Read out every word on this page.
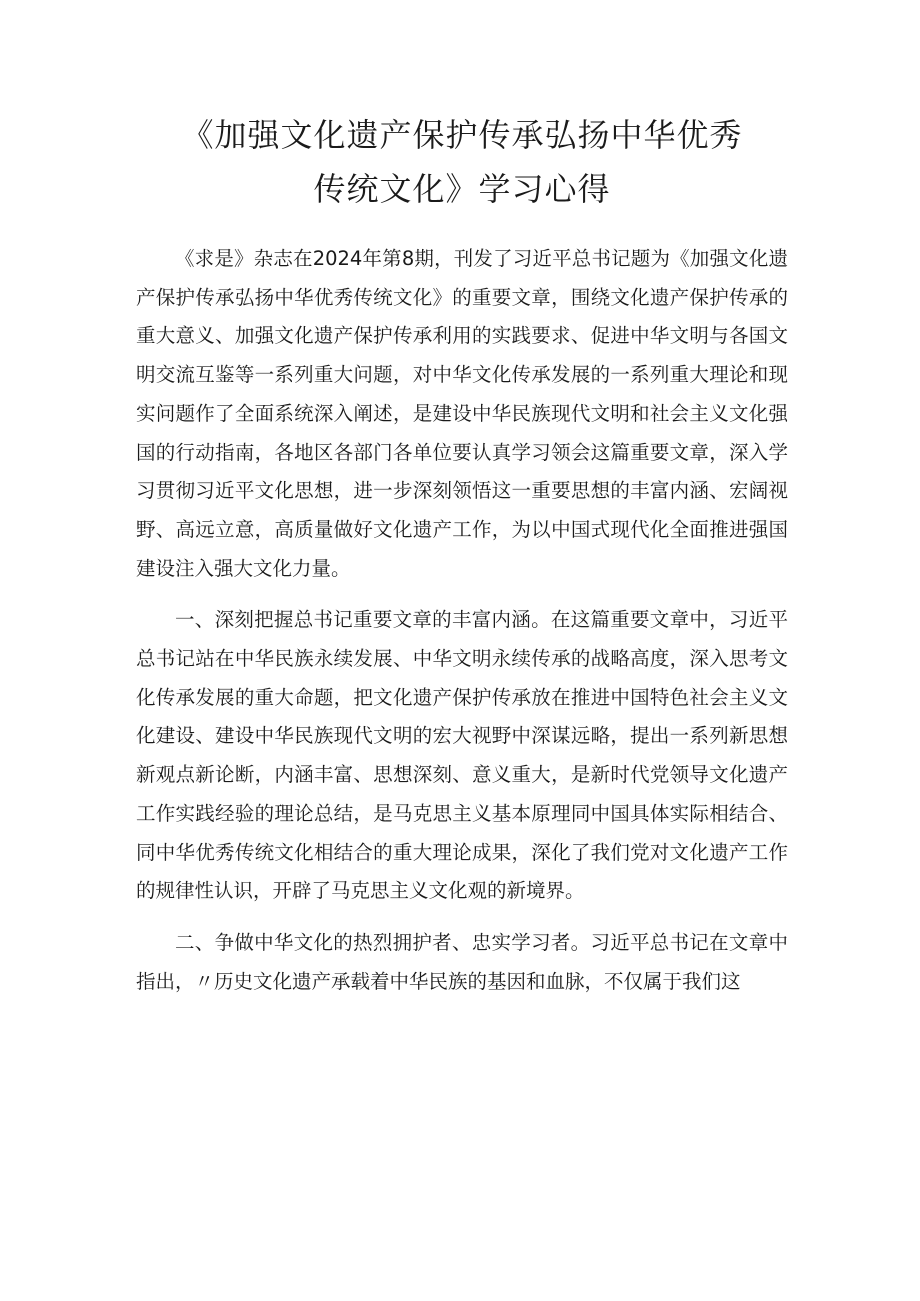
《加强文化遗产保护传承弘扬中华优秀
传统文化》学习心得

《求是》杂志在2024年第8期，刊发了习近平总书记题为《加强文化遗产保护传承弘扬中华优秀传统文化》的重要文章，围绕文化遗产保护传承的重大意义、加强文化遗产保护传承利用的实践要求、促进中华文明与各国文明交流互鉴等一系列重大问题，对中华文化传承发展的一系列重大理论和现实问题作了全面系统深入阐述，是建设中华民族现代文明和社会主义文化强国的行动指南，各地区各部门各单位要认真学习领会这篇重要文章，深入学习贯彻习近平文化思想，进一步深刻领悟这一重要思想的丰富内涵、宏阔视野、高远立意，高质量做好文化遗产工作，为以中国式现代化全面推进强国建设注入强大文化力量。

一、深刻把握总书记重要文章的丰富内涵。在这篇重要文章中，习近平总书记站在中华民族永续发展、中华文明永续传承的战略高度，深入思考文化传承发展的重大命题，把文化遗产保护传承放在推进中国特色社会主义文化建设、建设中华民族现代文明的宏大视野中深谋远略，提出一系列新思想新观点新论断，内涵丰富、思想深刻、意义重大，是新时代党领导文化遗产工作实践经验的理论总结，是马克思主义基本原理同中国具体实际相结合、同中华优秀传统文化相结合的重大理论成果，深化了我们党对文化遗产工作的规律性认识，开辟了马克思主义文化观的新境界。

二、争做中华文化的热烈拥护者、忠实学习者。习近平总书记在文章中指出，〃历史文化遗产承载着中华民族的基因和血脉，不仅属于我们这
